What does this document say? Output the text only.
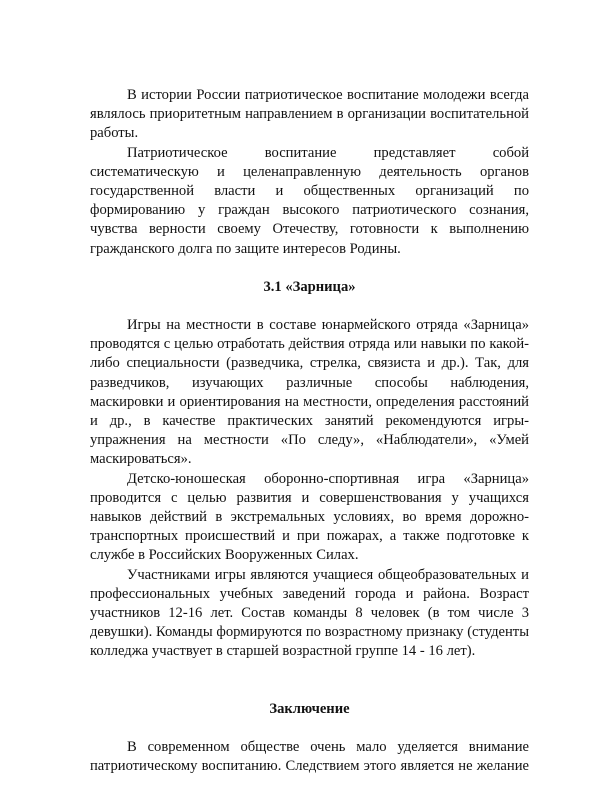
В истории России патриотическое воспитание молодежи всегда являлось приоритетным направлением в организации воспитательной работы.

Патриотическое воспитание представляет собой систематическую и целенаправленную деятельность органов государственной власти и общественных организаций по формированию у граждан высокого патриотического сознания, чувства верности своему Отечеству, готовности к выполнению гражданского долга по защите интересов Родины.

3.1 «Зарница»

Игры на местности в составе юнармейского отряда «Зарница» проводятся с целью отработать действия отряда или навыки по какой-либо специальности (разведчика, стрелка, связиста и др.). Так, для разведчиков, изучающих различные способы наблюдения, маскировки и ориентирования на местности, определения расстояний и др., в качестве практических занятий рекомендуются игры-упражнения на местности «По следу», «Наблюдатели», «Умей маскироваться».

Детско-юношеская оборонно-спортивная игра «Зарница» проводится с целью развития и совершенствования у учащихся навыков действий в экстремальных условиях, во время дорожно-транспортных происшествий и при пожарах, а также подготовке к службе в Российских Вооруженных Силах.

Участниками игры являются учащиеся общеобразовательных и профессиональных учебных заведений города и района. Возраст участников 12-16 лет. Состав команды 8 человек (в том числе 3 девушки). Команды формируются по возрастному признаку (студенты колледжа участвует в старшей возрастной группе 14 - 16 лет).

Заключение

В современном обществе очень мало уделяется внимание патриотическому воспитанию. Следствием этого является не желание
